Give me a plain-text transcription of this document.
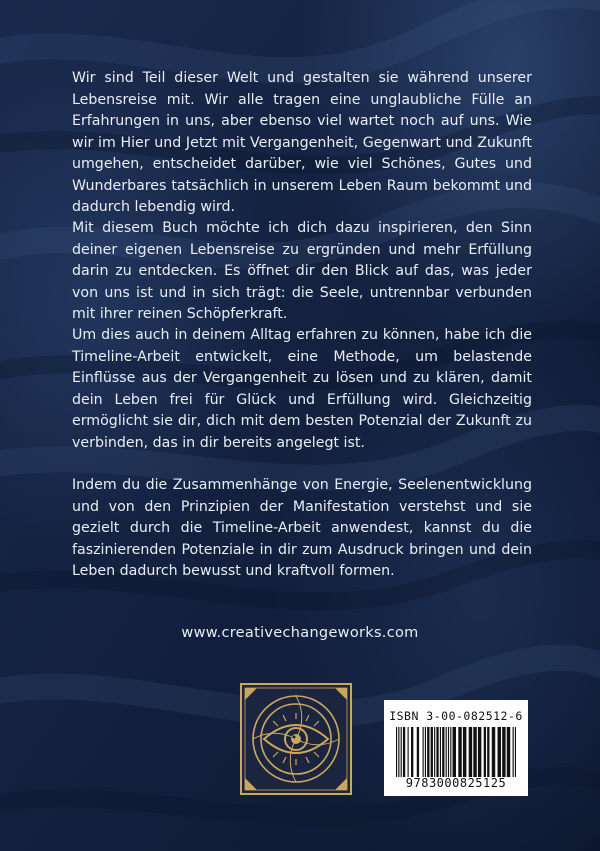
Wir sind Teil dieser Welt und gestalten sie während unserer Lebensreise mit. Wir alle tragen eine unglaubliche Fülle an Erfahrungen in uns, aber ebenso viel wartet noch auf uns. Wie wir im Hier und Jetzt mit Vergangenheit, Gegenwart und Zukunft umgehen, entscheidet darüber, wie viel Schönes, Gutes und Wunderbares tatsächlich in unserem Leben Raum bekommt und dadurch lebendig wird.

Mit diesem Buch möchte ich dich dazu inspirieren, den Sinn deiner eigenen Lebensreise zu ergründen und mehr Erfüllung darin zu entdecken. Es öffnet dir den Blick auf das, was jeder von uns ist und in sich trägt: die Seele, untrennbar verbunden mit ihrer reinen Schöpferkraft.

Um dies auch in deinem Alltag erfahren zu können, habe ich die Timeline-Arbeit entwickelt, eine Methode, um belastende Einflüsse aus der Vergangenheit zu lösen und zu klären, damit dein Leben frei für Glück und Erfüllung wird. Gleichzeitig ermöglicht sie dir, dich mit dem besten Potenzial der Zukunft zu verbinden, das in dir bereits angelegt ist.

Indem du die Zusammenhänge von Energie, Seelenentwicklung und von den Prinzipien der Manifestation verstehst und sie gezielt durch die Timeline-Arbeit anwendest, kannst du die faszinierenden Potenziale in dir zum Ausdruck bringen und dein Leben dadurch bewusst und kraftvoll formen.

www.creativechangeworks.com
ISBN 3-00-082512-6
9783000825125
